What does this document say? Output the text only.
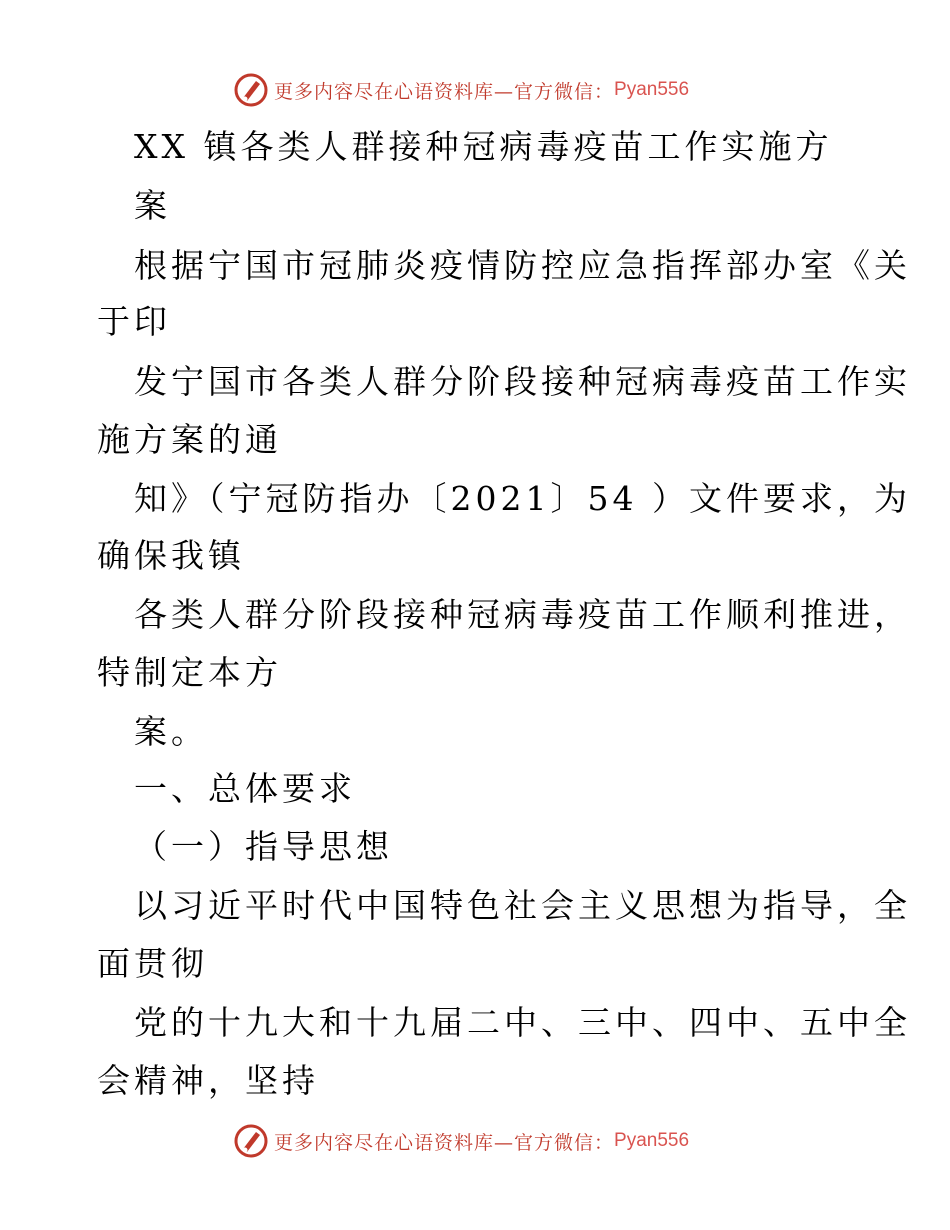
更多内容尽在心语资料库—官方微信： Pyan556
XX 镇各类人群接种冠病毒疫苗工作实施方
案
根据宁国市冠肺炎疫情防控应急指挥部办室《关
于印
发宁国市各类人群分阶段接种冠病毒疫苗工作实
施方案的通
知》（宁冠防指办〔2021〕54 ）文件要求，为
确保我镇
各类人群分阶段接种冠病毒疫苗工作顺利推进，
特制定本方
案。
一、总体要求
（一）指导思想
以习近平时代中国特色社会主义思想为指导，全
面贯彻
党的十九大和十九届二中、三中、四中、五中全
会精神，坚持
更多内容尽在心语资料库—官方微信： Pyan556
